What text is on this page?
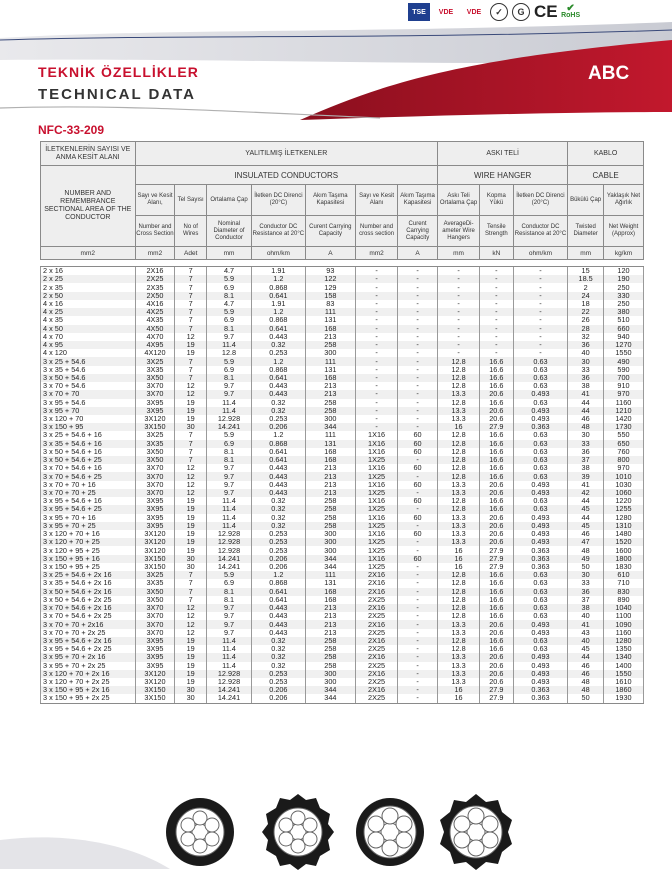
TEKNİK ÖZELLİKLER
TECHNICAL DATA
ABC
NFC-33-209
TSE	VDE	VDE	✓	G CE ✔
RoHS
İLETKENLERİN SAYISI VE ANMA KESİT ALANI	YALITILMIŞ İLETKENLER							ASKI TELİ			KABLO	
NUMBER AND REMEMBRANCE SECTIONAL AREA OF THE CONDUCTOR	INSULATED CONDUCTORS							WIRE HANGER			CABLE	
	Sayı ve Kesit Alanı,	Tel Sayısı	Ortalama Çap	İletken DC Direnci (20°C)	Akım Taşıma Kapasitesi	Sayı ve Kesit Alanı	Akım Taşıma Kapasitesi	Askı Teli Ortalama Çap	Kopma Yükü	İletken DC Direnci (20°C)	Bükülü Çap	Yaklaşık Net Ağırlık
	Number and Cross Section	No of Wires	Nominal Diameter of Conductor	Conductor DC Resistance at 20°C	Curent Carrying Capacity	Number and cross section	Curent Carrying Capacity	AverageDi-ameter Wire Hangers	Tensile Strength	Conductor DC Resistance at 20°C	Twisted Diameter	Net Weight (Approx)
mm2	mm2	Adet	mm	ohm/km	A	mm2	A	mm	kN	ohm/km	mm	kg/km

2 x 16	2X16	7	4.7	1.91	93	-	-	-	-	-	15	120
2 x 25	2X25	7	5.9	1.2	122	-	-	-	-	-	18.5	190
2 x 35	2X35	7	6.9	0.868	129	-	-	-	-	-	2	250
2 x 50	2X50	7	8.1	0.641	158	-	-	-	-	-	24	330
4 x 16	4X16	7	4.7	1.91	83	-	-	-	-	-	18	250
4 x 25	4X25	7	5.9	1.2	111	-	-	-	-	-	22	380
4 x 35	4X35	7	6.9	0.868	131	-	-	-	-	-	26	510
4 x 50	4X50	7	8.1	0.641	168	-	-	-	-	-	28	660
4 x 70	4X70	12	9.7	0.443	213	-	-	-	-	-	32	940
4 x 95	4X95	19	11.4	0.32	258	-	-	-	-	-	36	1270
4 x 120	4X120	19	12.8	0.253	300	-	-	-	-	-	40	1550
3 x 25 + 54.6	3X25	7	5.9	1.2	111	-	-	12.8	16.6	0.63	30	490
3 x 35 + 54.6	3X35	7	6.9	0.868	131	-	-	12.8	16.6	0.63	33	590
3 x 50 + 54.6	3X50	7	8.1	0.641	168	-	-	12.8	16.6	0.63	36	700
3 x 70 + 54.6	3X70	12	9.7	0.443	213	-	-	12.8	16.6	0.63	38	910
3 x 70 + 70	3X70	12	9.7	0.443	213	-	-	13.3	20.6	0.493	41	970
3 x 95 + 54.6	3X95	19	11.4	0.32	258	-	-	12.8	16.6	0.63	44	1160
3 x 95 + 70	3X95	19	11.4	0.32	258	-	-	13.3	20.6	0.493	44	1210
3 x 120 + 70	3X120	19	12.928	0.253	300	-	-	13.3	20.6	0.493	46	1420
3 x 150 + 95	3X150	30	14.241	0.206	344	-	-	16	27.9	0.363	48	1730
3 x 25 + 54.6 + 16	3X25	7	5.9	1.2	111	1X16	60	12.8	16.6	0.63	30	550
3 x 35 + 54.6 + 16	3X35	7	6.9	0.868	131	1X16	60	12.8	16.6	0.63	33	650
3 x 50 + 54.6 + 16	3X50	7	8.1	0.641	168	1X16	60	12.8	16.6	0.63	36	760
3 x 50 + 54.6 + 25	3X50	7	8.1	0.641	168	1X25	-	12.8	16.6	0.63	37	800
3 x 70 + 54.6 + 16	3X70	12	9.7	0.443	213	1X16	60	12.8	16.6	0.63	38	970
3 x 70 + 54.6 + 25	3X70	12	9.7	0.443	213	1X25	-	12.8	16.6	0.63	39	1010
3 x 70 + 70 + 16	3X70	12	9.7	0.443	213	1X16	60	13.3	20.6	0.493	41	1030
3 x 70 + 70 + 25	3X70	12	9.7	0.443	213	1X25	-	13.3	20.6	0.493	42	1060
3 x 95 + 54.6 + 16	3X95	19	11.4	0.32	258	1X16	60	12.8	16.6	0.63	44	1220
3 x 95 + 54.6 + 25	3X95	19	11.4	0.32	258	1X25	-	12.8	16.6	0.63	45	1255
3 x 95 + 70 + 16	3X95	19	11.4	0.32	258	1X16	60	13.3	20.6	0.493	44	1280
3 x 95 + 70 + 25	3X95	19	11.4	0.32	258	1X25	-	13.3	20.6	0.493	45	1310
3 x 120 + 70 + 16	3X120	19	12.928	0.253	300	1X16	60	13.3	20.6	0.493	46	1480
3 x 120 + 70 + 25	3X120	19	12.928	0.253	300	1X25	-	13.3	20.6	0.493	47	1520
3 x 120 + 95 + 25	3X120	19	12.928	0.253	300	1X25	-	16	27.9	0.363	48	1600
3 x 150 + 95 + 16	3X150	30	14.241	0.206	344	1X16	60	16	27.9	0.363	49	1800
3 x 150 + 95 + 25	3X150	30	14.241	0.206	344	1X25	-	16	27.9	0.363	50	1830
3 x 25 + 54.6 + 2x 16	3X25	7	5.9	1.2	111	2X16	-	12.8	16.6	0.63	30	610
3 x 35 + 54.6 + 2x 16	3X35	7	6.9	0.868	131	2X16	-	12.8	16.6	0.63	33	710
3 x 50 + 54.6 + 2x 16	3X50	7	8.1	0.641	168	2X16	-	12.8	16.6	0.63	36	830
3 x 50 + 54.6 + 2x 25	3X50	7	8.1	0.641	168	2X25	-	12.8	16.6	0.63	37	890
3 x 70 + 54.6 + 2x 16	3X70	12	9.7	0.443	213	2X16	-	12.8	16.6	0.63	38	1040
3 x 70 + 54.6 + 2x 25	3X70	12	9.7	0.443	213	2X25	-	12.8	16.6	0.63	40	1100
3 x 70 + 70 + 2x16	3X70	12	9.7	0.443	213	2X16	-	13.3	20.6	0.493	41	1090
3 x 70 + 70 + 2x 25	3X70	12	9.7	0.443	213	2X25	-	13.3	20.6	0.493	43	1160
3 x 95 + 54.6 + 2x 16	3X95	19	11.4	0.32	258	2X16	-	12.8	16.6	0.63	40	1280
3 x 95 + 54.6 + 2x 25	3X95	19	11.4	0.32	258	2X25	-	12.8	16.6	0.63	45	1350
3 x 95 + 70 + 2x 16	3X95	19	11.4	0.32	258	2X16	-	13.3	20.6	0.493	44	1340
3 x 95 + 70 + 2x 25	3X95	19	11.4	0.32	258	2X25	-	13.3	20.6	0.493	46	1400
3 x 120 + 70 + 2x 16	3X120	19	12.928	0.253	300	2X16	-	13.3	20.6	0.493	46	1550
3 x 120 + 70 + 2x 25	3X120	19	12.928	0.253	300	2X25	-	13.3	20.6	0.493	48	1610
3 x 150 + 95 + 2x 16	3X150	30	14.241	0.206	344	2X16	-	16	27.9	0.363	48	1860
3 x 150 + 95 + 2x 25	3X150	30	14.241	0.206	344	2X25	-	16	27.9	0.363	50	1930
